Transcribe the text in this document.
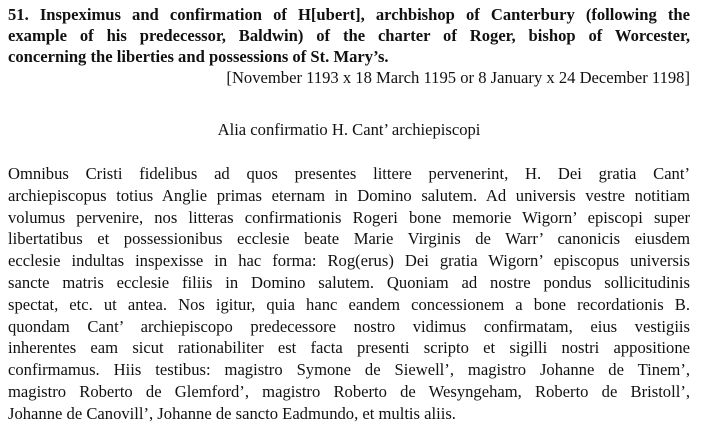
51. Inspeximus and confirmation of H[ubert], archbishop of Canterbury (following the
example of his predecessor, Baldwin) of the charter of Roger, bishop of Worcester,
concerning the liberties and possessions of St. Mary’s.
[November 1193 x 18 March 1195 or 8 January x 24 December 1198]
Alia confirmatio H. Cant’ archiepiscopi
Omnibus Cristi fidelibus ad quos presentes littere pervenerint, H. Dei gratia Cant’
archiepiscopus totius Anglie primas eternam in Domino salutem. Ad universis vestre notitiam
volumus pervenire, nos litteras confirmationis Rogeri bone memorie Wigorn’ episcopi super
libertatibus et possessionibus ecclesie beate Marie Virginis de Warr’ canonicis eiusdem
ecclesie indultas inspexisse in hac forma: Rog(erus) Dei gratia Wigorn’ episcopus universis
sancte matris ecclesie filiis in Domino salutem. Quoniam ad nostre pondus sollicitudinis
spectat, etc. ut antea. Nos igitur, quia hanc eandem concessionem a bone recordationis B.
quondam Cant’ archiepiscopo predecessore nostro vidimus confirmatam, eius vestigiis
inherentes eam sicut rationabiliter est facta presenti scripto et sigilli nostri appositione
confirmamus. Hiis testibus: magistro Symone de Siewell’, magistro Johanne de Tinem’,
magistro Roberto de Glemford’, magistro Roberto de Wesyngeham, Roberto de Bristoll’,
Johanne de Canovill’, Johanne de sancto Eadmundo, et multis aliis.
